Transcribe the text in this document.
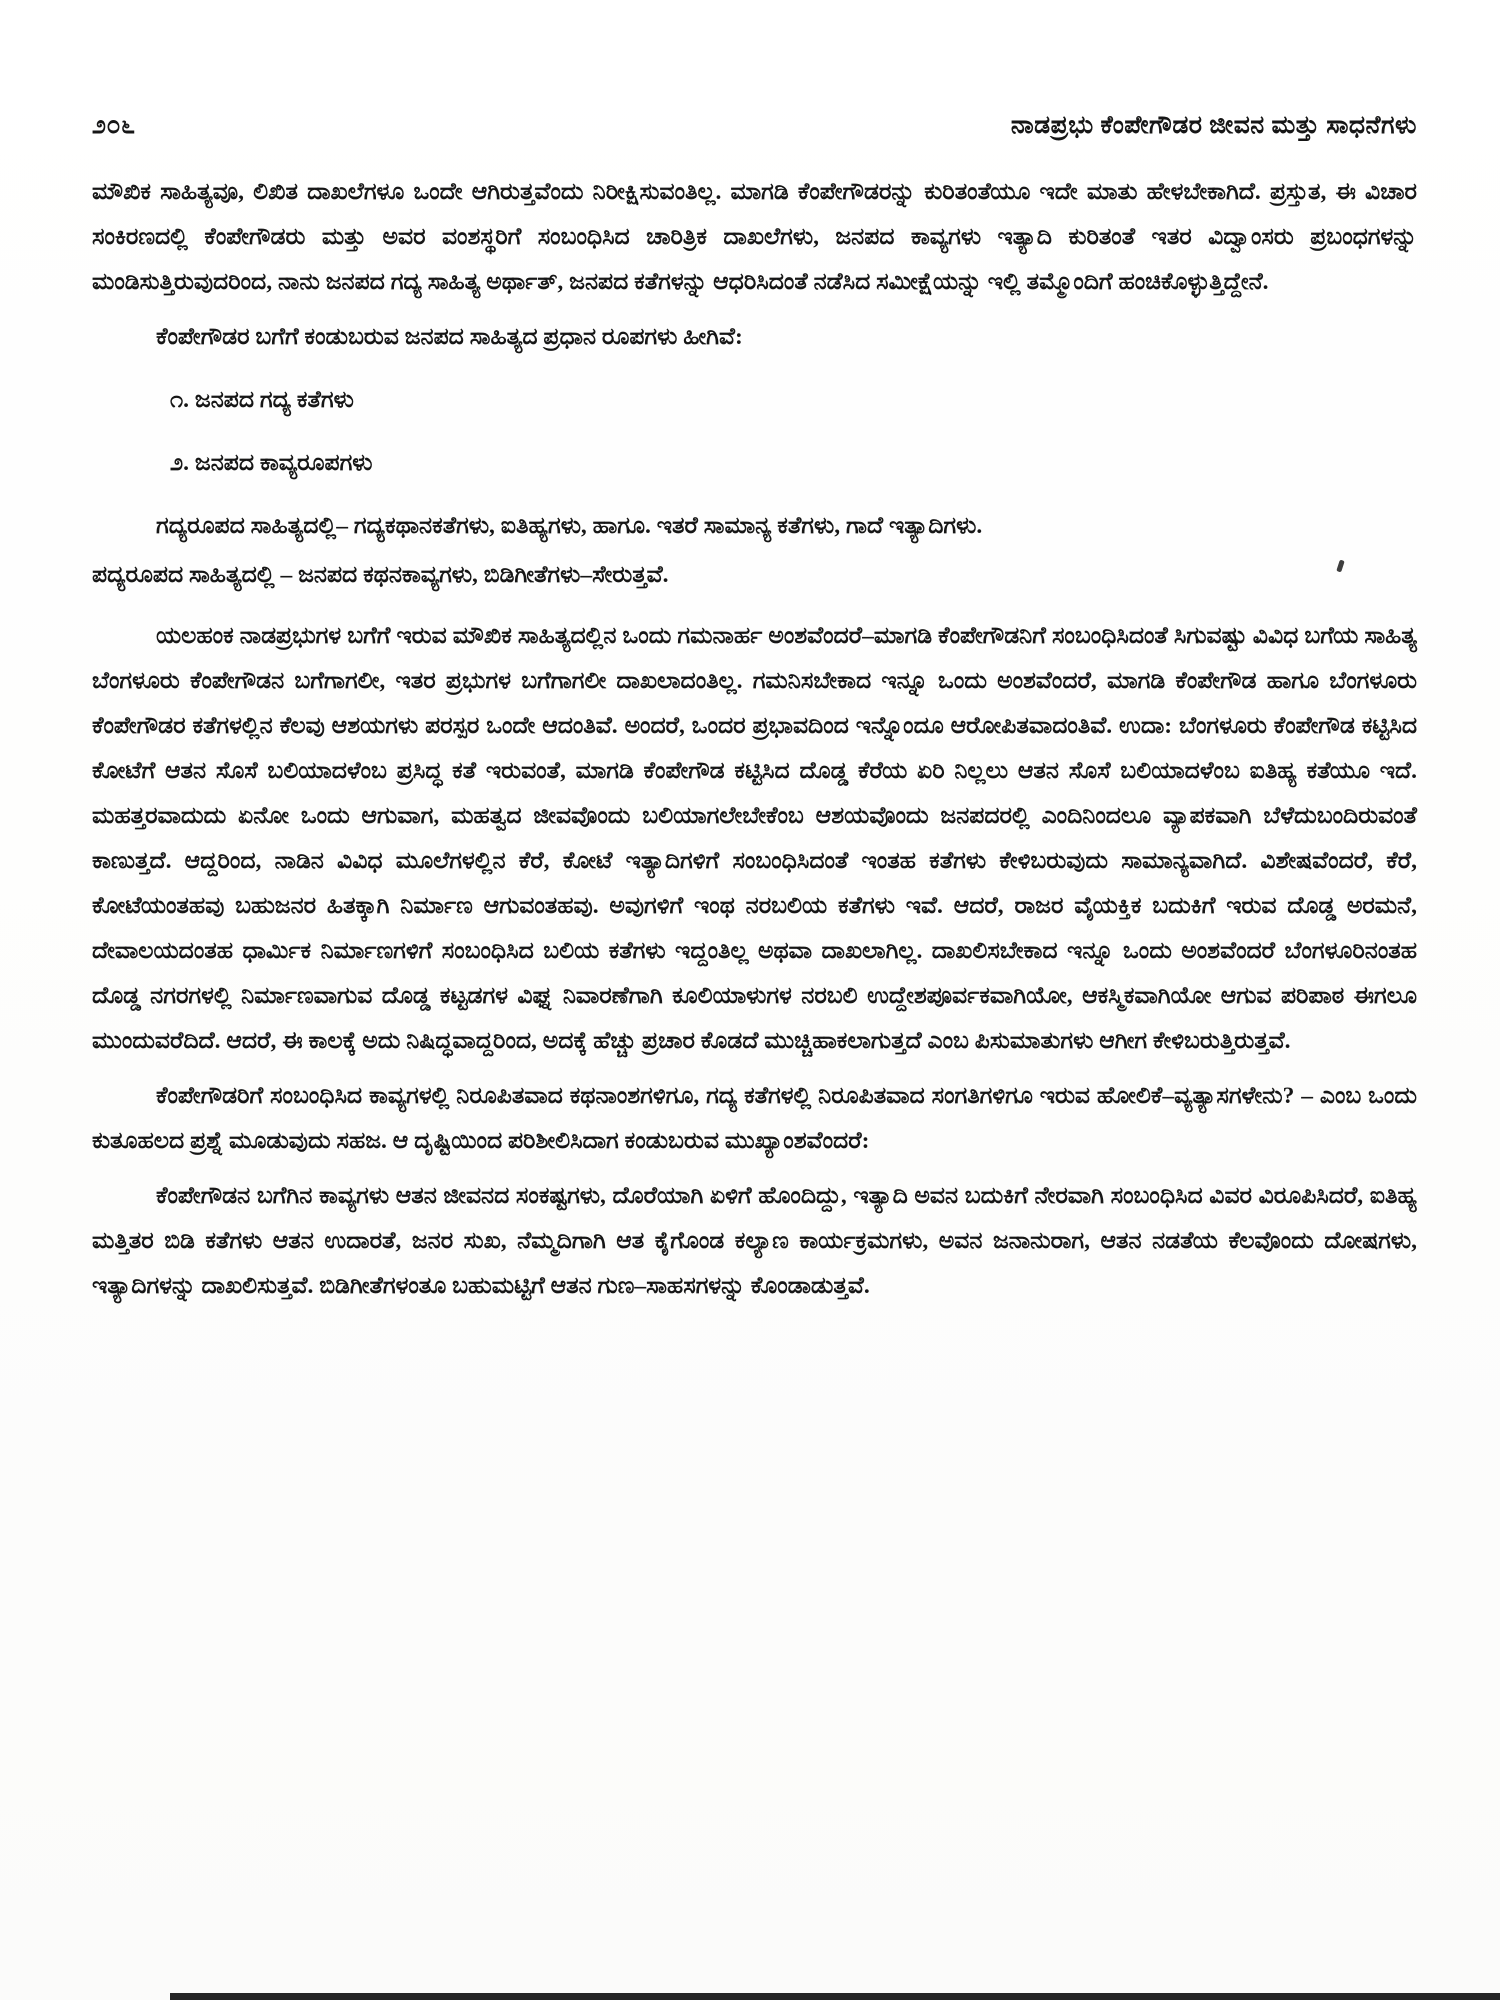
೨೦೬	ನಾಡಪ್ರಭು ಕೆಂಪೇಗೌಡರ ಜೀವನ ಮತ್ತು ಸಾಧನೆಗಳು

ಮೌಖಿಕ ಸಾಹಿತ್ಯವೂ, ಲಿಖಿತ ದಾಖಲೆಗಳೂ ಒಂದೇ ಆಗಿರುತ್ತವೆಂದು ನಿರೀಕ್ಷಿಸುವಂತಿಲ್ಲ. ಮಾಗಡಿ ಕೆಂಪೇಗೌಡರನ್ನು ಕುರಿತಂತೆಯೂ ಇದೇ ಮಾತು ಹೇಳಬೇಕಾಗಿದೆ. ಪ್ರಸ್ತುತ, ಈ ವಿಚಾರ ಸಂಕಿರಣದಲ್ಲಿ ಕೆಂಪೇಗೌಡರು ಮತ್ತು ಅವರ ವಂಶಸ್ಥರಿಗೆ ಸಂಬಂಧಿಸಿದ ಚಾರಿತ್ರಿಕ ದಾಖಲೆಗಳು, ಜನಪದ ಕಾವ್ಯಗಳು ಇತ್ಯಾದಿ ಕುರಿತಂತೆ ಇತರ ವಿದ್ವಾಂಸರು ಪ್ರಬಂಧಗಳನ್ನು ಮಂಡಿಸುತ್ತಿರುವುದರಿಂದ, ನಾನು ಜನಪದ ಗದ್ಯ ಸಾಹಿತ್ಯ ಅರ್ಥಾತ್, ಜನಪದ ಕತೆಗಳನ್ನು ಆಧರಿಸಿದಂತೆ ನಡೆಸಿದ ಸಮೀಕ್ಷೆಯನ್ನು ಇಲ್ಲಿ ತಮ್ಮೊಂದಿಗೆ ಹಂಚಿಕೊಳ್ಳುತ್ತಿದ್ದೇನೆ.

ಕೆಂಪೇಗೌಡರ ಬಗೆಗೆ ಕಂಡುಬರುವ ಜನಪದ ಸಾಹಿತ್ಯದ ಪ್ರಧಾನ ರೂಪಗಳು ಹೀಗಿವೆ:

೧. ಜನಪದ ಗದ್ಯ ಕತೆಗಳು

೨. ಜನಪದ ಕಾವ್ಯರೂಪಗಳು

ಗದ್ಯರೂಪದ ಸಾಹಿತ್ಯದಲ್ಲಿ– ಗದ್ಯಕಥಾನಕತೆಗಳು, ಐತಿಹ್ಯಗಳು, ಹಾಗೂ. ಇತರೆ ಸಾಮಾನ್ಯ ಕತೆಗಳು, ಗಾದೆ ಇತ್ಯಾದಿಗಳು.

ಪದ್ಯರೂಪದ ಸಾಹಿತ್ಯದಲ್ಲಿ – ಜನಪದ ಕಥನಕಾವ್ಯಗಳು, ಬಿಡಿಗೀತೆಗಳು–ಸೇರುತ್ತವೆ.

ಯಲಹಂಕ ನಾಡಪ್ರಭುಗಳ ಬಗೆಗೆ ಇರುವ ಮೌಖಿಕ ಸಾಹಿತ್ಯದಲ್ಲಿನ ಒಂದು ಗಮನಾರ್ಹ ಅಂಶವೆಂದರೆ–ಮಾಗಡಿ ಕೆಂಪೇಗೌಡನಿಗೆ ಸಂಬಂಧಿಸಿದಂತೆ ಸಿಗುವಷ್ಟು ವಿವಿಧ ಬಗೆಯ ಸಾಹಿತ್ಯ ಬೆಂಗಳೂರು ಕೆಂಪೇಗೌಡನ ಬಗೆಗಾಗಲೀ, ಇತರ ಪ್ರಭುಗಳ ಬಗೆಗಾಗಲೀ ದಾಖಲಾದಂತಿಲ್ಲ. ಗಮನಿಸಬೇಕಾದ ಇನ್ನೂ ಒಂದು ಅಂಶವೆಂದರೆ, ಮಾಗಡಿ ಕೆಂಪೇಗೌಡ ಹಾಗೂ ಬೆಂಗಳೂರು ಕೆಂಪೇಗೌಡರ ಕತೆಗಳಲ್ಲಿನ ಕೆಲವು ಆಶಯಗಳು ಪರಸ್ಪರ ಒಂದೇ ಆದಂತಿವೆ. ಅಂದರೆ, ಒಂದರ ಪ್ರಭಾವದಿಂದ ಇನ್ನೊಂದೂ ಆರೋಪಿತವಾದಂತಿವೆ. ಉದಾ: ಬೆಂಗಳೂರು ಕೆಂಪೇಗೌಡ ಕಟ್ಟಿಸಿದ ಕೋಟೆಗೆ ಆತನ ಸೊಸೆ ಬಲಿಯಾದಳೆಂಬ ಪ್ರಸಿದ್ಧ ಕತೆ ಇರುವಂತೆ, ಮಾಗಡಿ ಕೆಂಪೇಗೌಡ ಕಟ್ಟಿಸಿದ ದೊಡ್ಡ ಕೆರೆಯ ಏರಿ ನಿಲ್ಲಲು ಆತನ ಸೊಸೆ ಬಲಿಯಾದಳೆಂಬ ಐತಿಹ್ಯ ಕತೆಯೂ ಇದೆ. ಮಹತ್ತರವಾದುದು ಏನೋ ಒಂದು ಆಗುವಾಗ, ಮಹತ್ವದ ಜೀವವೊಂದು ಬಲಿಯಾಗಲೇಬೇಕೆಂಬ ಆಶಯವೊಂದು ಜನಪದರಲ್ಲಿ ಎಂದಿನಿಂದಲೂ ವ್ಯಾಪಕವಾಗಿ ಬೆಳೆದುಬಂದಿರುವಂತೆ ಕಾಣುತ್ತದೆ. ಆದ್ದರಿಂದ, ನಾಡಿನ ವಿವಿಧ ಮೂಲೆಗಳಲ್ಲಿನ ಕೆರೆ, ಕೋಟೆ ಇತ್ಯಾದಿಗಳಿಗೆ ಸಂಬಂಧಿಸಿದಂತೆ ಇಂತಹ ಕತೆಗಳು ಕೇಳಿಬರುವುದು ಸಾಮಾನ್ಯವಾಗಿದೆ. ವಿಶೇಷವೆಂದರೆ, ಕೆರೆ, ಕೋಟೆಯಂತಹವು ಬಹುಜನರ ಹಿತಕ್ಕಾಗಿ ನಿರ್ಮಾಣ ಆಗುವಂತಹವು. ಅವುಗಳಿಗೆ ಇಂಥ ನರಬಲಿಯ ಕತೆಗಳು ಇವೆ. ಆದರೆ, ರಾಜರ ವೈಯಕ್ತಿಕ ಬದುಕಿಗೆ ಇರುವ ದೊಡ್ಡ ಅರಮನೆ, ದೇವಾಲಯದಂತಹ ಧಾರ್ಮಿಕ ನಿರ್ಮಾಣಗಳಿಗೆ ಸಂಬಂಧಿಸಿದ ಬಲಿಯ ಕತೆಗಳು ಇದ್ದಂತಿಲ್ಲ ಅಥವಾ ದಾಖಲಾಗಿಲ್ಲ. ದಾಖಲಿಸಬೇಕಾದ ಇನ್ನೂ ಒಂದು ಅಂಶವೆಂದರೆ ಬೆಂಗಳೂರಿನಂತಹ ದೊಡ್ಡ ನಗರಗಳಲ್ಲಿ ನಿರ್ಮಾಣವಾಗುವ ದೊಡ್ಡ ಕಟ್ಟಡಗಳ ವಿಘ್ನ ನಿವಾರಣೆಗಾಗಿ ಕೂಲಿಯಾಳುಗಳ ನರಬಲಿ ಉದ್ದೇಶಪೂರ್ವಕವಾಗಿಯೋ, ಆಕಸ್ಮಿಕವಾಗಿಯೋ ಆಗುವ ಪರಿಪಾಠ ಈಗಲೂ ಮುಂದುವರೆದಿದೆ. ಆದರೆ, ಈ ಕಾಲಕ್ಕೆ ಅದು ನಿಷಿದ್ಧವಾದ್ದರಿಂದ, ಅದಕ್ಕೆ ಹೆಚ್ಚು ಪ್ರಚಾರ ಕೊಡದೆ ಮುಚ್ಚಿಹಾಕಲಾಗುತ್ತದೆ ಎಂಬ ಪಿಸುಮಾತುಗಳು ಆಗೀಗ ಕೇಳಿಬರುತ್ತಿರುತ್ತವೆ.

ಕೆಂಪೇಗೌಡರಿಗೆ ಸಂಬಂಧಿಸಿದ ಕಾವ್ಯಗಳಲ್ಲಿ ನಿರೂಪಿತವಾದ ಕಥನಾಂಶಗಳಿಗೂ, ಗದ್ಯ ಕತೆಗಳಲ್ಲಿ ನಿರೂಪಿತವಾದ ಸಂಗತಿಗಳಿಗೂ ಇರುವ ಹೋಲಿಕೆ–ವ್ಯತ್ಯಾಸಗಳೇನು? – ಎಂಬ ಒಂದು ಕುತೂಹಲದ ಪ್ರಶ್ನೆ ಮೂಡುವುದು ಸಹಜ. ಆ ದೃಷ್ಟಿಯಿಂದ ಪರಿಶೀಲಿಸಿದಾಗ ಕಂಡುಬರುವ ಮುಖ್ಯಾಂಶವೆಂದರೆ:

ಕೆಂಪೇಗೌಡನ ಬಗೆಗಿನ ಕಾವ್ಯಗಳು ಆತನ ಜೀವನದ ಸಂಕಷ್ಟಗಳು, ದೊರೆಯಾಗಿ ಏಳಿಗೆ ಹೊಂದಿದ್ದು, ಇತ್ಯಾದಿ ಅವನ ಬದುಕಿಗೆ ನೇರವಾಗಿ ಸಂಬಂಧಿಸಿದ ವಿವರ ವಿರೂಪಿಸಿದರೆ, ಐತಿಹ್ಯ ಮತ್ತಿತರ ಬಿಡಿ ಕತೆಗಳು ಆತನ ಉದಾರತೆ, ಜನರ ಸುಖ, ನೆಮ್ಮದಿಗಾಗಿ ಆತ ಕೈಗೊಂಡ ಕಲ್ಯಾಣ ಕಾರ್ಯಕ್ರಮಗಳು, ಅವನ ಜನಾನುರಾಗ, ಆತನ ನಡತೆಯ ಕೆಲವೊಂದು ದೋಷಗಳು, ಇತ್ಯಾದಿಗಳನ್ನು ದಾಖಲಿಸುತ್ತವೆ. ಬಿಡಿಗೀತೆಗಳಂತೂ ಬಹುಮಟ್ಟಿಗೆ ಆತನ ಗುಣ–ಸಾಹಸಗಳನ್ನು ಕೊಂಡಾಡುತ್ತವೆ.
